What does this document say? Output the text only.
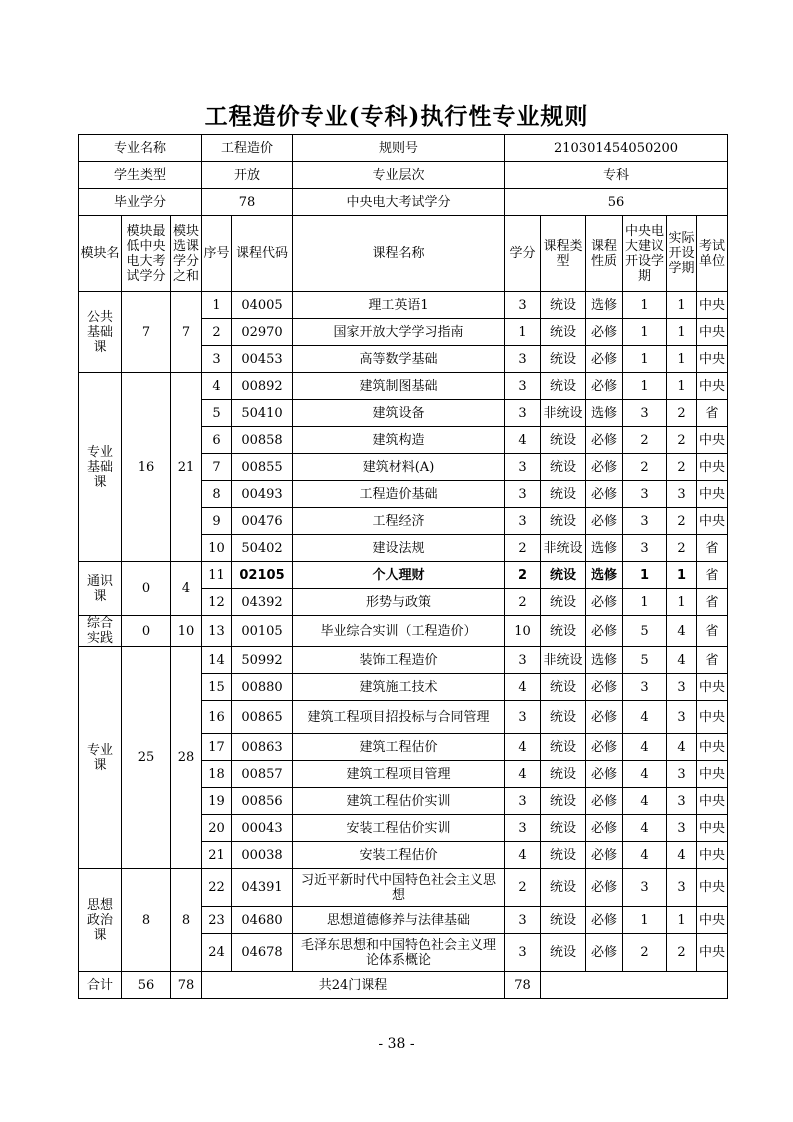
工程造价专业(专科)执行性专业规则
专业名称			工程造价		规则号	210301454050200					
学生类型			开放		专业层次	专科					
毕业学分			78		中央电大考试学分	56					
模块名	模块最低中央电大考试学分	模块选课学分之和	序号	课程代码	课程名称	学分	课程类型	课程性质	中央电大建议开设学期	实际开设学期	考试单位

公共基础课	7	7	1	04005	理工英语1	3	统设	选修	1	1	中央
			2	02970	国家开放大学学习指南	1	统设	必修	1	1	中央
			3	00453	高等数学基础	3	统设	必修	1	1	中央

专业基础课	16	21	4	00892	建筑制图基础	3	统设	必修	1	1	中央
			5	50410	建筑设备	3	非统设	选修	3	2	省
			6	00858	建筑构造	4	统设	必修	2	2	中央
			7	00855	建筑材料(A)	3	统设	必修	2	2	中央
			8	00493	工程造价基础	3	统设	必修	3	3	中央
			9	00476	工程经济	3	统设	必修	3	2	中央
			10	50402	建设法规	2	非统设	选修	3	2	省

通识课	0	4	11	02105	个人理财	2	统设	选修	1	1	省
			12	04392	形势与政策	2	统设	必修	1	1	省

综合实践	0	10	13	00105	毕业综合实训（工程造价）	10	统设	必修	5	4	省

专业课	25	28	14	50992	装饰工程造价	3	非统设	选修	5	4	省
			15	00880	建筑施工技术	4	统设	必修	3	3	中央
			16	00865	建筑工程项目招投标与合同管理	3	统设	必修	4	3	中央
			17	00863	建筑工程估价	4	统设	必修	4	4	中央
			18	00857	建筑工程项目管理	4	统设	必修	4	3	中央
			19	00856	建筑工程估价实训	3	统设	必修	4	3	中央
			20	00043	安装工程估价实训	3	统设	必修	4	3	中央
			21	00038	安装工程估价	4	统设	必修	4	4	中央

思想政治课	8	8	22	04391	习近平新时代中国特色社会主义思想	2	统设	必修	3	3	中央
			23	04680	思想道德修养与法律基础	3	统设	必修	1	1	中央
			24	04678	毛泽东思想和中国特色社会主义理论体系概论	3	统设	必修	2	2	中央
合计	56	78	共24门课程			78					
- 38 -
